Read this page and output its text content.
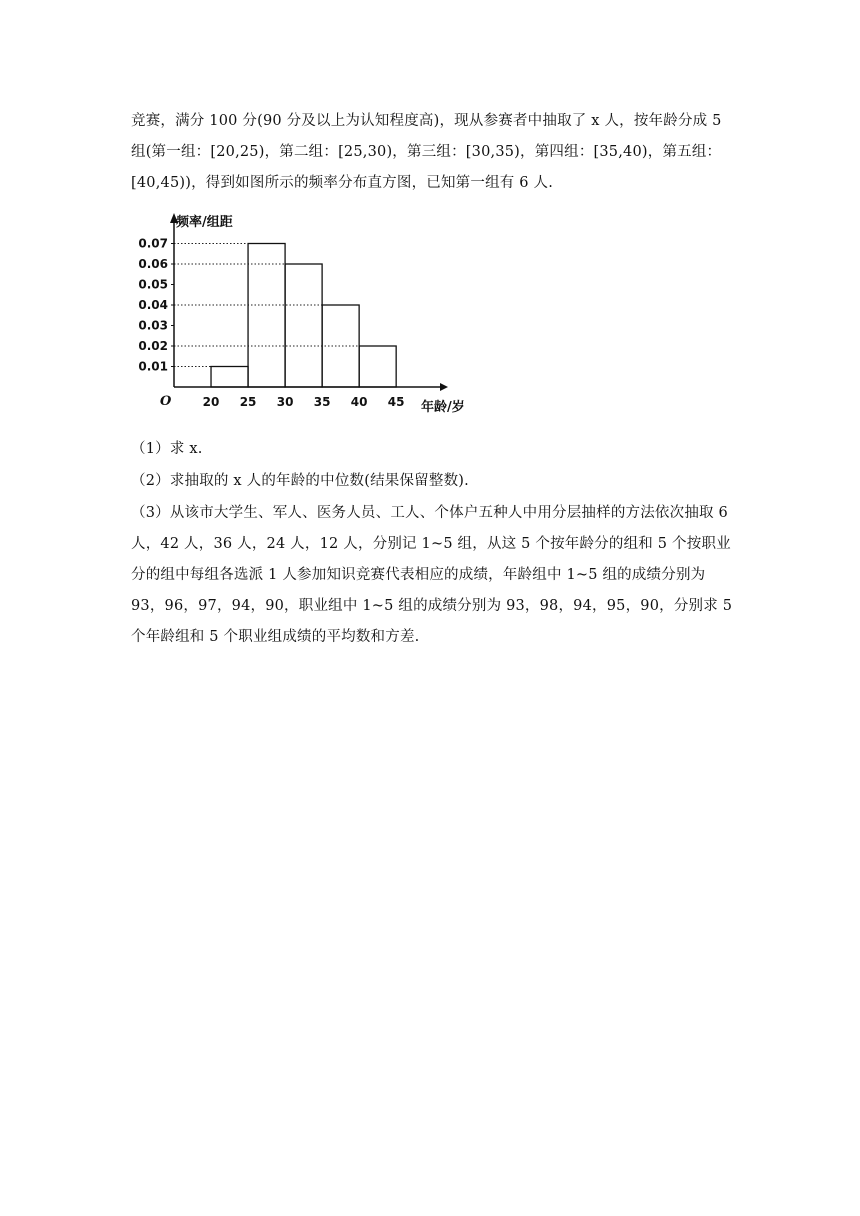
竞赛，满分 100 分(90 分及以上为认知程度高)，现从参赛者中抽取了 x 人，按年龄分成 5 组(第一组：[20,25)，第二组：[25,30)，第三组：[30,35)，第四组：[35,40)，第五组：[40,45))，得到如图所示的频率分布直方图，已知第一组有 6 人.
0.01
0.02
0.03
0.04
0.05
0.06
0.07
20 25 30 35 40 45
O
频率/组距
年龄/岁
（1）求 x.
（2）求抽取的 x 人的年龄的中位数(结果保留整数).
（3）从该市大学生、军人、医务人员、工人、个体户五种人中用分层抽样的方法依次抽取 6 人，42 人，36 人，24 人，12 人，分别记 1~5 组，从这 5 个按年龄分的组和 5 个按职业分的组中每组各选派 1 人参加知识竞赛代表相应的成绩，年龄组中 1~5 组的成绩分别为 93，96，97，94，90，职业组中 1~5 组的成绩分别为 93，98，94，95，90，分别求 5 个年龄组和 5 个职业组成绩的平均数和方差.
